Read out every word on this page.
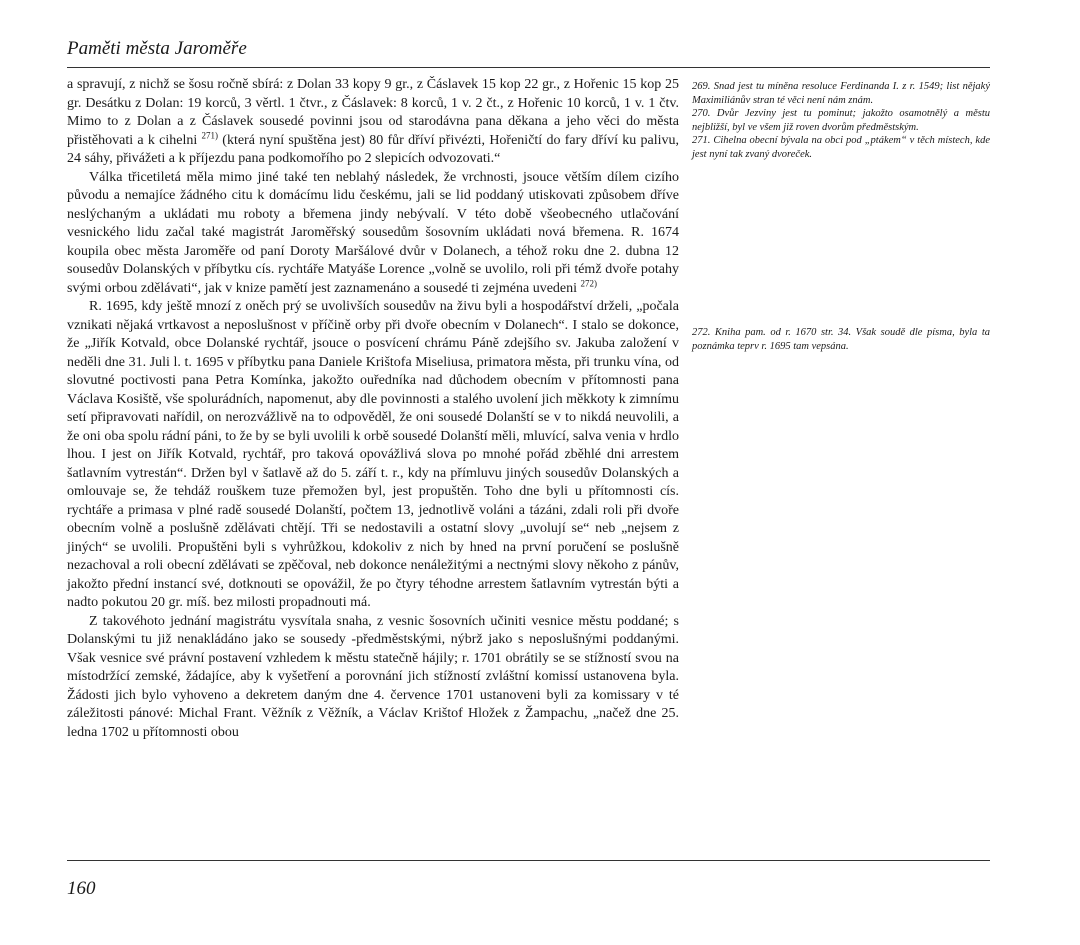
Paměti města Jaroměře

a spravují, z nichž se šosu ročně sbírá: z Dolan 33 kopy 9 gr., z Čáslavek 15 kop 22 gr., z Hořenic 15 kop 25 gr. Desátku z Dolan: 19 korců, 3 věrtl. 1 čtvr., z Čáslavek: 8 korců, 1 v. 2 čt., z Hořenic 10 korců, 1 v. 1 čtv. Mimo to z Dolan a z Čáslavek sousedé povinni jsou od starodávna pana děkana a jeho věci do města přistěhovati a k cihelni $^{271)}$ (která nyní spuštěna jest) 80 fůr dříví přivézti, Hořeničtí do fary dříví ku palivu, 24 sáhy, přivážeti a k příjezdu pana podkomořího po 2 slepicích odvozovati.“

Válka třicetiletá měla mimo jiné také ten neblahý následek, že vrchnosti, jsouce větším dílem cizího původu a nemajíce žádného citu k domácímu lidu českému, jali se lid poddaný utiskovati způsobem dříve neslýchaným a ukládati mu roboty a břemena jindy nebývalí. V této době všeobecného utlačování vesnického lidu začal také magistrát Jaroměřský sousedům šosovním ukládati nová břemena. R. 1674 koupila obec města Jaroměře od paní Doroty Maršálové dvůr v Dolanech, a téhož roku dne 2. dubna 12 sousedův Dolanských v příbytku cís. rychtáře Matyáše Lorence „volně se uvolilo, roli při témž dvoře potahy svými orbou zdělávati“, jak v knize pamětí jest zaznamenáno a sousedé ti zejména uvedeni $^{272)}$

R. 1695, kdy ještě mnozí z oněch prý se uvolivších sousedův na živu byli a hospodářství drželi, „počala vznikati nějaká vrtkavost a neposlušnost v příčině orby při dvoře obecním v Dolanech“. I stalo se dokonce, že „Jiřík Kotvald, obce Dolanské rychtář, jsouce o posvícení chrámu Páně zdejšího sv. Jakuba založení v neděli dne 31. Juli l. t. 1695 v příbytku pana Daniele Krištofa Miseliusa, primatora města, při trunku vína, od slovutné poctivosti pana Petra Komínka, jakožto ouředníka nad důchodem obecním v přítomnosti pana Václava Kosiště, vše spolurádních, napomenut, aby dle povinnosti a stalého uvolení jich měkkoty k zimnímu setí připravovati nařídil, on nerozvážlivě na to odpověděl, že oni sousedé Dolanští se v to nikdá neuvolili, a že oni oba spolu rádní páni, to že by se byli uvolili k orbě sousedé Dolanští měli, mluvící, salva venia v hrdlo lhou. I jest on Jiřík Kotvald, rychtář, pro taková opovážlivá slova po mnohé pořád zběhlé dni arrestem šatlavním vytrestán“. Držen byl v šatlavě až do 5. září t. r., kdy na přímluvu jiných sousedův Dolanských a omlouvaje se, že tehdáž rouškem tuze přemožen byl, jest propuštěn. Toho dne byli u přítomnosti cís. rychtáře a primasa v plné radě sousedé Dolanští, počtem 13, jednotlivě voláni a tázáni, zdali roli při dvoře obecním volně a poslušně zdělávati chtějí. Tři se nedostavili a ostatní slovy „uvolují se“ neb „nejsem z jiných“ se uvolili. Propuštěni byli s vyhrůžkou, kdokoliv z nich by hned na první poručení se poslušně nezachoval a roli obecní zdělávati se zpěčoval, neb dokonce nenáležitými a nectnými slovy někoho z pánův, jakožto přední instancí své, dotknouti se opovážil, že po čtyry téhodne arrestem šatlavním vytrestán býti a nadto pokutou 20 gr. míš. bez milosti propadnouti má.

Z takovéhoto jednání magistrátu vysvítala snaha, z vesnic šosovních učiniti vesnice městu poddané; s Dolanskými tu již nenakládáno jako se sousedy -předměstskými, nýbrž jako s neposlušnými poddanými. Však vesnice své právní postavení vzhledem k městu statečně hájily; r. 1701 obrátily se se stížností svou na místodržící zemské, žádajíce, aby k vyšetření a porovnání jich stížností zvláštní komissí ustanovena byla. Žádosti jich bylo vyhoveno a dekretem daným dne 4. července 1701 ustanoveni byli za komissary v té záležitosti pánové: Michal Frant. Věžník z Věžník, a Václav Krištof Hložek z Žampachu, „načež dne 25. ledna 1702 u přítomnosti obou

269. Snad jest tu míněna resoluce Ferdinanda I. z r. 1549; list nějaký Maximiliánův stran té věci není nám znám.
270. Dvůr Jezviny jest tu pominut; jakožto osamotnělý a městu nejbližší, byl ve všem již roven dvorům předměstským.
271. Cihelna obecní bývala na obci pod „ptákem“ v těch místech, kde jest nyní tak zvaný dvoreček.
272. Kniha pam. od r. 1670 str. 34. Však soudě dle písma, byla ta poznámka teprv r. 1695 tam vepsána.
160
